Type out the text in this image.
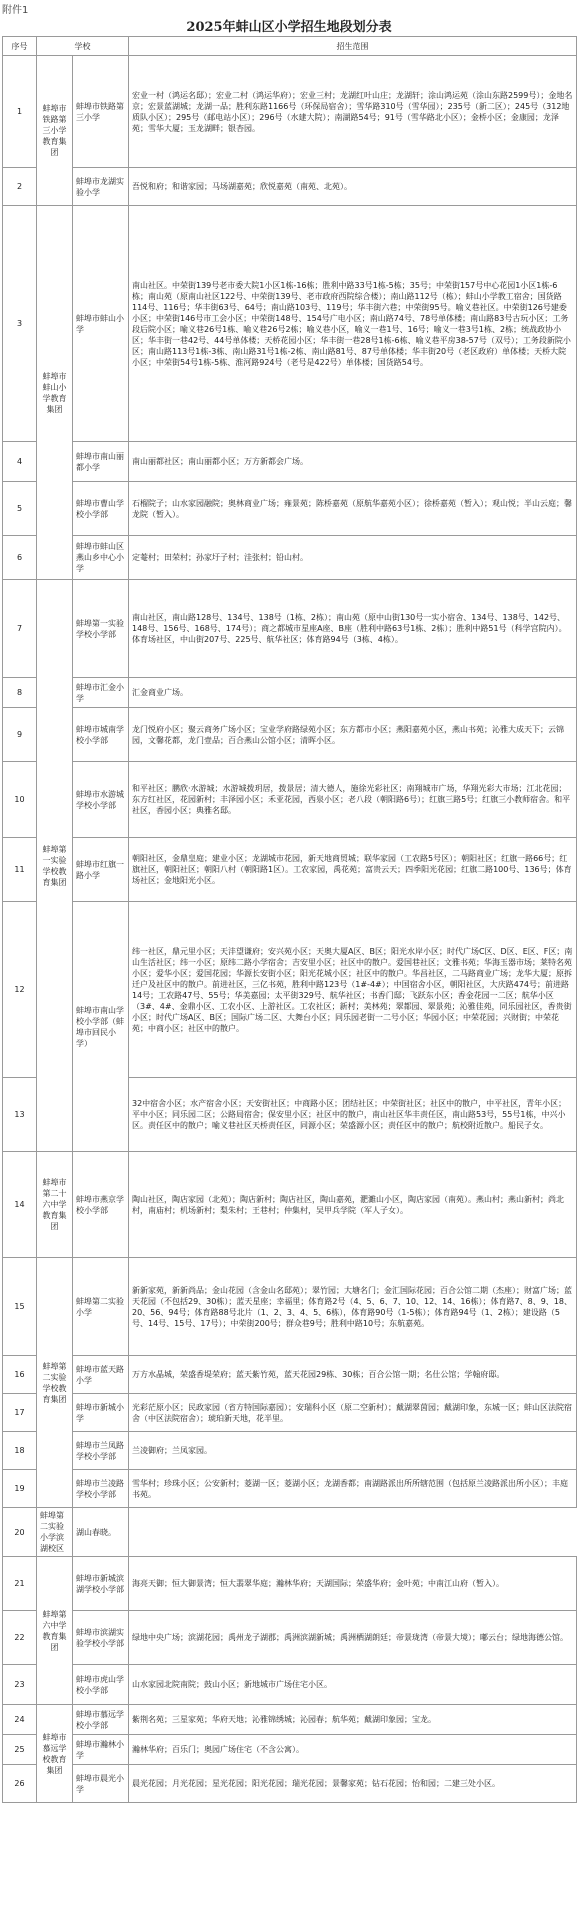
附件1
2025年蚌山区小学招生地段划分表
序号	学校		招生范围
1	蚌埠市铁路第三小学教育集团	蚌埠市铁路第三小学	宏业一村（鸿运名邸）；宏业二村（鸿运华府）；宏业三村；龙湖红叶山庄；龙湖轩；涂山鸿运苑（涂山东路2599号）；金地名京；宏景蓝湖城；龙湖一品；胜利东路1166号（环保局宿舍）；雪华路310号（雪华园）；235号（新二区）；245号（312地质队小区）；295号（邮电站小区）；296号（水建大院）；南湖路54号；91号（雪华路北小区）；金桥小区；金康园；龙泽苑；雪华大厦；玉龙湖畔；银杏园。
2		蚌埠市龙湖实验小学	吾悦和府；和谐家园；马场湖嘉苑；欣悦嘉苑（南苑、北苑）。
3	蚌埠市蚌山小学教育集团	蚌埠市蚌山小学	南山社区。中荣街139号老市委大院1小区1栋-16栋；胜利中路33号1栋-5栋；35号；中荣街157号中心花园1小区1栋-6栋；南山苑（原南山社区122号、中荣街139号、老市政府西院综合楼）；南山路112号（栋）；蚌山小学教工宿舍；国货路114号、116号；华丰街63号、64号；南山路103号、119号；华丰街六巷；中荣街95号。喻义巷社区。中荣街126号建委小区；中荣街146号市工会小区；中荣街148号、154号广电小区；南山路74号、78号单体楼；南山路83号古玩小区；工务段后院小区；喻义巷26号1栋、喻义巷26号2栋；喻义巷小区，喻义一巷1号、16号；喻义一巷3号1栋、2栋；统战政协小区；华丰街一巷42号、44号单体楼；天桥花园小区；华丰街一巷28号1栋-6栋、喻义巷平房38-57号（双号）；工务段新院小区；南山路113号1栋-3栋、南山路31号1栋-2栋、南山路81号、87号单体楼；华丰街20号（老区政府）单体楼；天桥大院小区；中荣街54号1栋-5栋、淮河路924号（老号是422号）单体楼；国货路54号。
4		蚌埠市南山丽都小学	南山丽都社区；南山丽都小区；万方新都会广场。
5		蚌埠市曹山学校小学部	石榴院子；山水家园融院；奥林商业广场；雍景苑；陈桥嘉苑（原航华嘉苑小区）；徐桥嘉苑（暂入）；观山悦；半山云庭；馨龙院（暂入）。
6		蚌埠市蚌山区燕山乡中心小学	定菴村；田荣村；孙家圩子村；洼张村；铅山村。
7	蚌埠第一实验学校教育集团	蚌埠第一实验学校小学部	南山社区，南山路128号、134号、138号（1栋、2栋）；南山苑（原中山街130号一实小宿舍、134号、138号、142号、148号、156号、168号、174号）；商之都城市星座A座、B座（胜利中路63号1栋、2栋）；胜利中路51号（科学宫院内）。体育场社区，中山街207号、225号、航华社区；体育路94号（3栋、4栋）。
8		蚌埠市汇金小学	汇金商业广场。
9		蚌埠市城南学校小学部	龙门悦府小区；聚云商务广场小区；宝业学府路绿苑小区；东方都市小区；燕阳嘉苑小区，燕山书苑；沁雅大成天下；云锦园，文馨花都，龙门壹品；百合燕山公馆小区；清晖小区。
10		蚌埠市水游城学校小学部	和平社区；鹏欣·水游城；水游城拨玥居，拨景居；清大德人，施徐光彩社区；南翔城市广场，华翔光彩大市场；江北花园；东方红社区，花园新村；丰泽园小区；禾亚花园，西泉小区；老八段（朝阳路6号）；红旗三路5号；红旗三小教师宿舍。和平社区，香园小区；典雅名邸。
11		蚌埠市红旗一路小学	朝阳社区，金鼎皇庭；建业小区；龙湖城市花园，新天地商贸城；联华家园（工农路5号区）；朝阳社区；红旗一路66号；红旗社区，朝阳社区；朝阳八村（朝阳路1区）。工农家园，禹花苑；富贵云天；四季阳光花园；红旗二路100号、136号；体育场社区；金地阳光小区。
12		蚌埠市南山学校小学部（蚌埠市回民小学）	纬一社区，鼎元里小区；天沣望谦府；安兴苑小区；天奥大厦A区、B区；阳光水岸小区；时代广场C区、D区、E区、F区；南山生活社区；纬一小区；原纬二路小学宿舍；吉安里小区；社区中的散户。爱国巷社区；文雅书苑；华海玉器市场；莱特名苑小区；爱华小区；爱国花园；华源长安街小区；阳光花城小区；社区中的散户。华昌社区，二马路商业广场；龙华大厦；原拆迁户及社区中的散户。前进社区，三亿书苑，胜利中路123号（1#-4#）；中国宿舍小区，朝阳社区，大庆路474号；前进路14号；工农路47号、55号；华美嘉园；太平街329号、航华社区；书香门邸；飞跃东小区；香金花园一二区；航华小区（3#、4#、金鼎小区、工农小区、上游社区。工农社区；新村；美林苑；翠都园、翠景苑；沁雅佳苑，同乐园社区，香贵街小区；时代广场A区、B区；国际广场二区、大舞台小区；同乐园老街一二号小区；华园小区；中荣花园；兴财街；中荣花苑；中商小区；社区中的散户。
13			32中宿舍小区；水产宿舍小区；天安街社区；中商路小区；团结社区；中荣街社区；社区中的散户，中平社区，青年小区；平中小区；同乐园二区；公路局宿舍；保安里小区；社区中的散户，南山社区华丰责任区，南山路53号，55号1栋，中兴小区。责任区中的散户；喻义巷社区天桥责任区，同源小区；荣盛源小区；责任区中的散户；航校附近散户。船民子女。
14	蚌埠市第二十六中学教育集团	蚌埠市燕京学校小学部	陶山社区，陶店家园（北苑）；陶店新村；陶店社区，陶山嘉苑，淝濉山小区，陶店家园（南苑）。燕山村；燕山新村；尚北村，南庙村；机场新村；梨朱村；王巷村；仲集村，吴甲兵学院（军人子女）。
15	蚌埠第二实验学校教育集团	蚌埠第二实验小学	新新家苑，新新尚品；金山花园（含金山名邸苑）；翠竹园；大塘名门；金汇国际花园；百合公馆二期（杰座）；财富广场；蓝天花园（不包括29、30栋）；蓝天星座；幸福里；体育路2号（4、5、6、7、10、12、14、16栋）；体育路7、8、9、18、20、56、94号；体育路88号北片（1、2、3、4、5、6栋），体育路90号（1-5栋）；体育路94号（1、2栋）；建设路（5号、14号、15号、17号）；中荣街200号；群众巷9号；胜利中路10号；东航嘉苑。
16		蚌埠市蓝天路小学	万方水晶城，荣盛香堤荣府；蓝天紫竹苑，蓝天花园29栋、30栋；百合公馆一期；名仕公馆；学翰府邸。
17		蚌埠市新城小学	光彩茫原小区；民政家园（省方特国际嘉园）；安瑞科小区（原二空新村）；戴湖翠茵园；戴湖印象，东城一区；蚌山区法院宿舍（中区法院宿舍）；琥珀新天地，花半里。
18		蚌埠市兰凤路学校小学部	兰凌御府；兰凤家园。
19		蚌埠市兰凌路学校小学部	雪华村；珍珠小区；公安新村；菱湖一区；菱湖小区；龙湖香都；南湖路派出所所辖范围（包括原兰凌路派出所小区）；丰庭书苑。
20	蚌埠第二实验小学滨湖校区	湖山春晓。	
21	蚌埠第六中学教育集团	蚌埠市新城滨湖学校小学部	海亮天御；恒大御景湾；恒大翡翠华庭；瀚林华府；天湖国际；荣盛华府；金叶苑；中南江山府（暂入）。
22		蚌埠市滨湖实验学校小学部	绿地中央广场；滨湖花园；禹州龙子湖郡；禹洲滨湖新城；禹洲栖湖朗廷；帝景珑湾（帝景大境）；嘟云台；绿地海德公馆。
23		蚌埠市虎山学校小学部	山水家园北院南院；鼓山小区；新地城市广场住宅小区。
24	蚌埠市慕远学校教育集团	蚌埠市慕远学校小学部	紫荆名苑；三星家苑；华府天地；沁雅锦绣城；沁园春；航华苑；戴湖印象园；宝龙。
25		蚌埠市瀚林小学	瀚林华府；百乐门；奥园广场住宅（不含公寓）。
26		蚌埠市晨光小学	晨光花园；月光花园；星光花园；阳光花园；瑞光花园；景馨家苑；钻石花园；怡和园；二建三处小区。
